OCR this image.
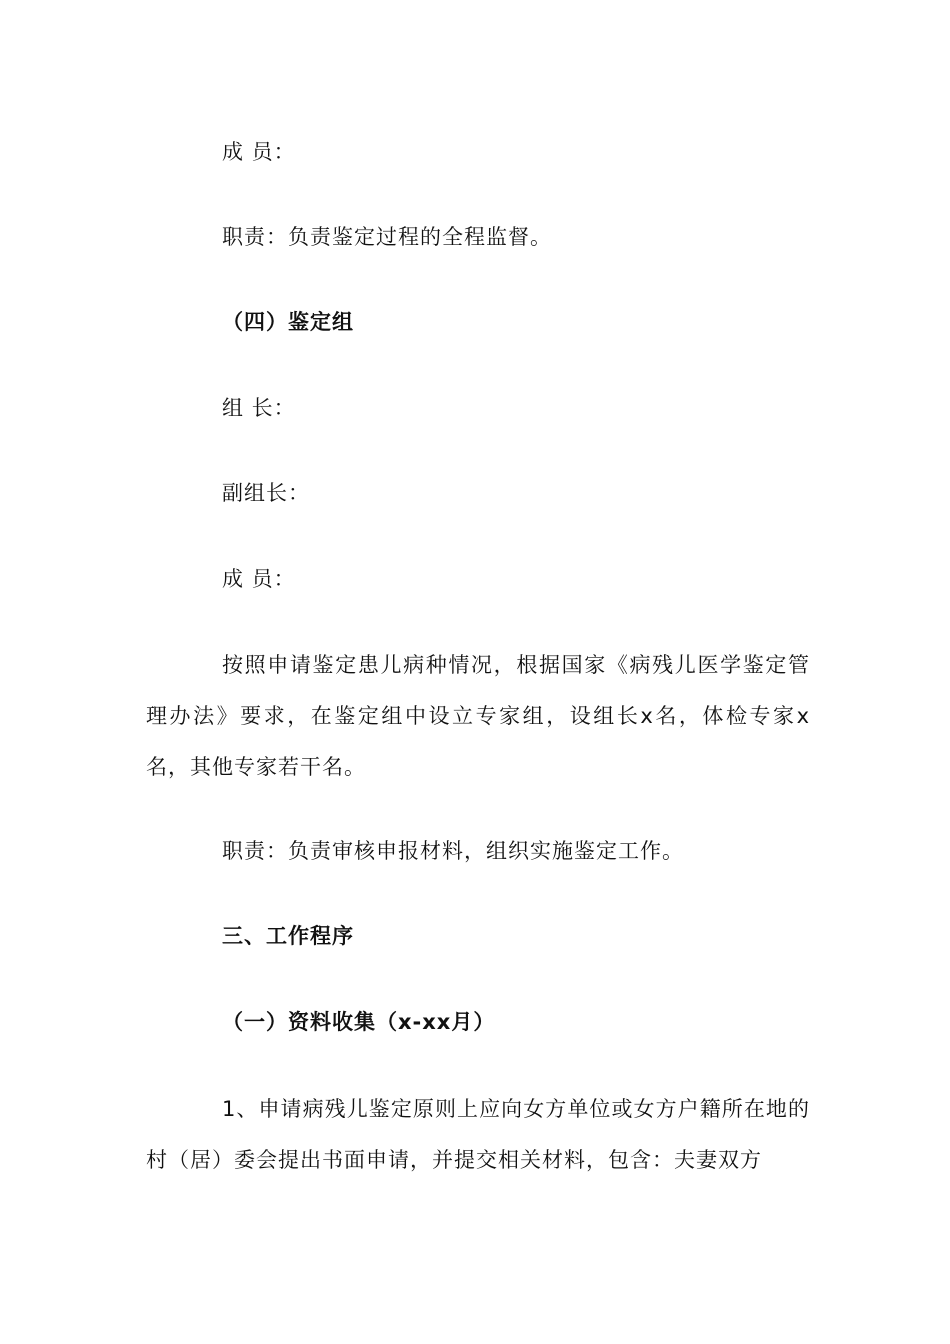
成 员：
职责：负责鉴定过程的全程监督。
（四）鉴定组
组 长：
副组长：
成 员：
按照申请鉴定患儿病种情况，根据国家《病残儿医学鉴定管理办法》要求，在鉴定组中设立专家组，设组长x名，体检专家x名，其他专家若干名。
职责：负责审核申报材料，组织实施鉴定工作。
三、工作程序
（一）资料收集（x-xx月）
1、申请病残儿鉴定原则上应向女方单位或女方户籍所在地的村（居）委会提出书面申请，并提交相关材料，包含：夫妻双方
